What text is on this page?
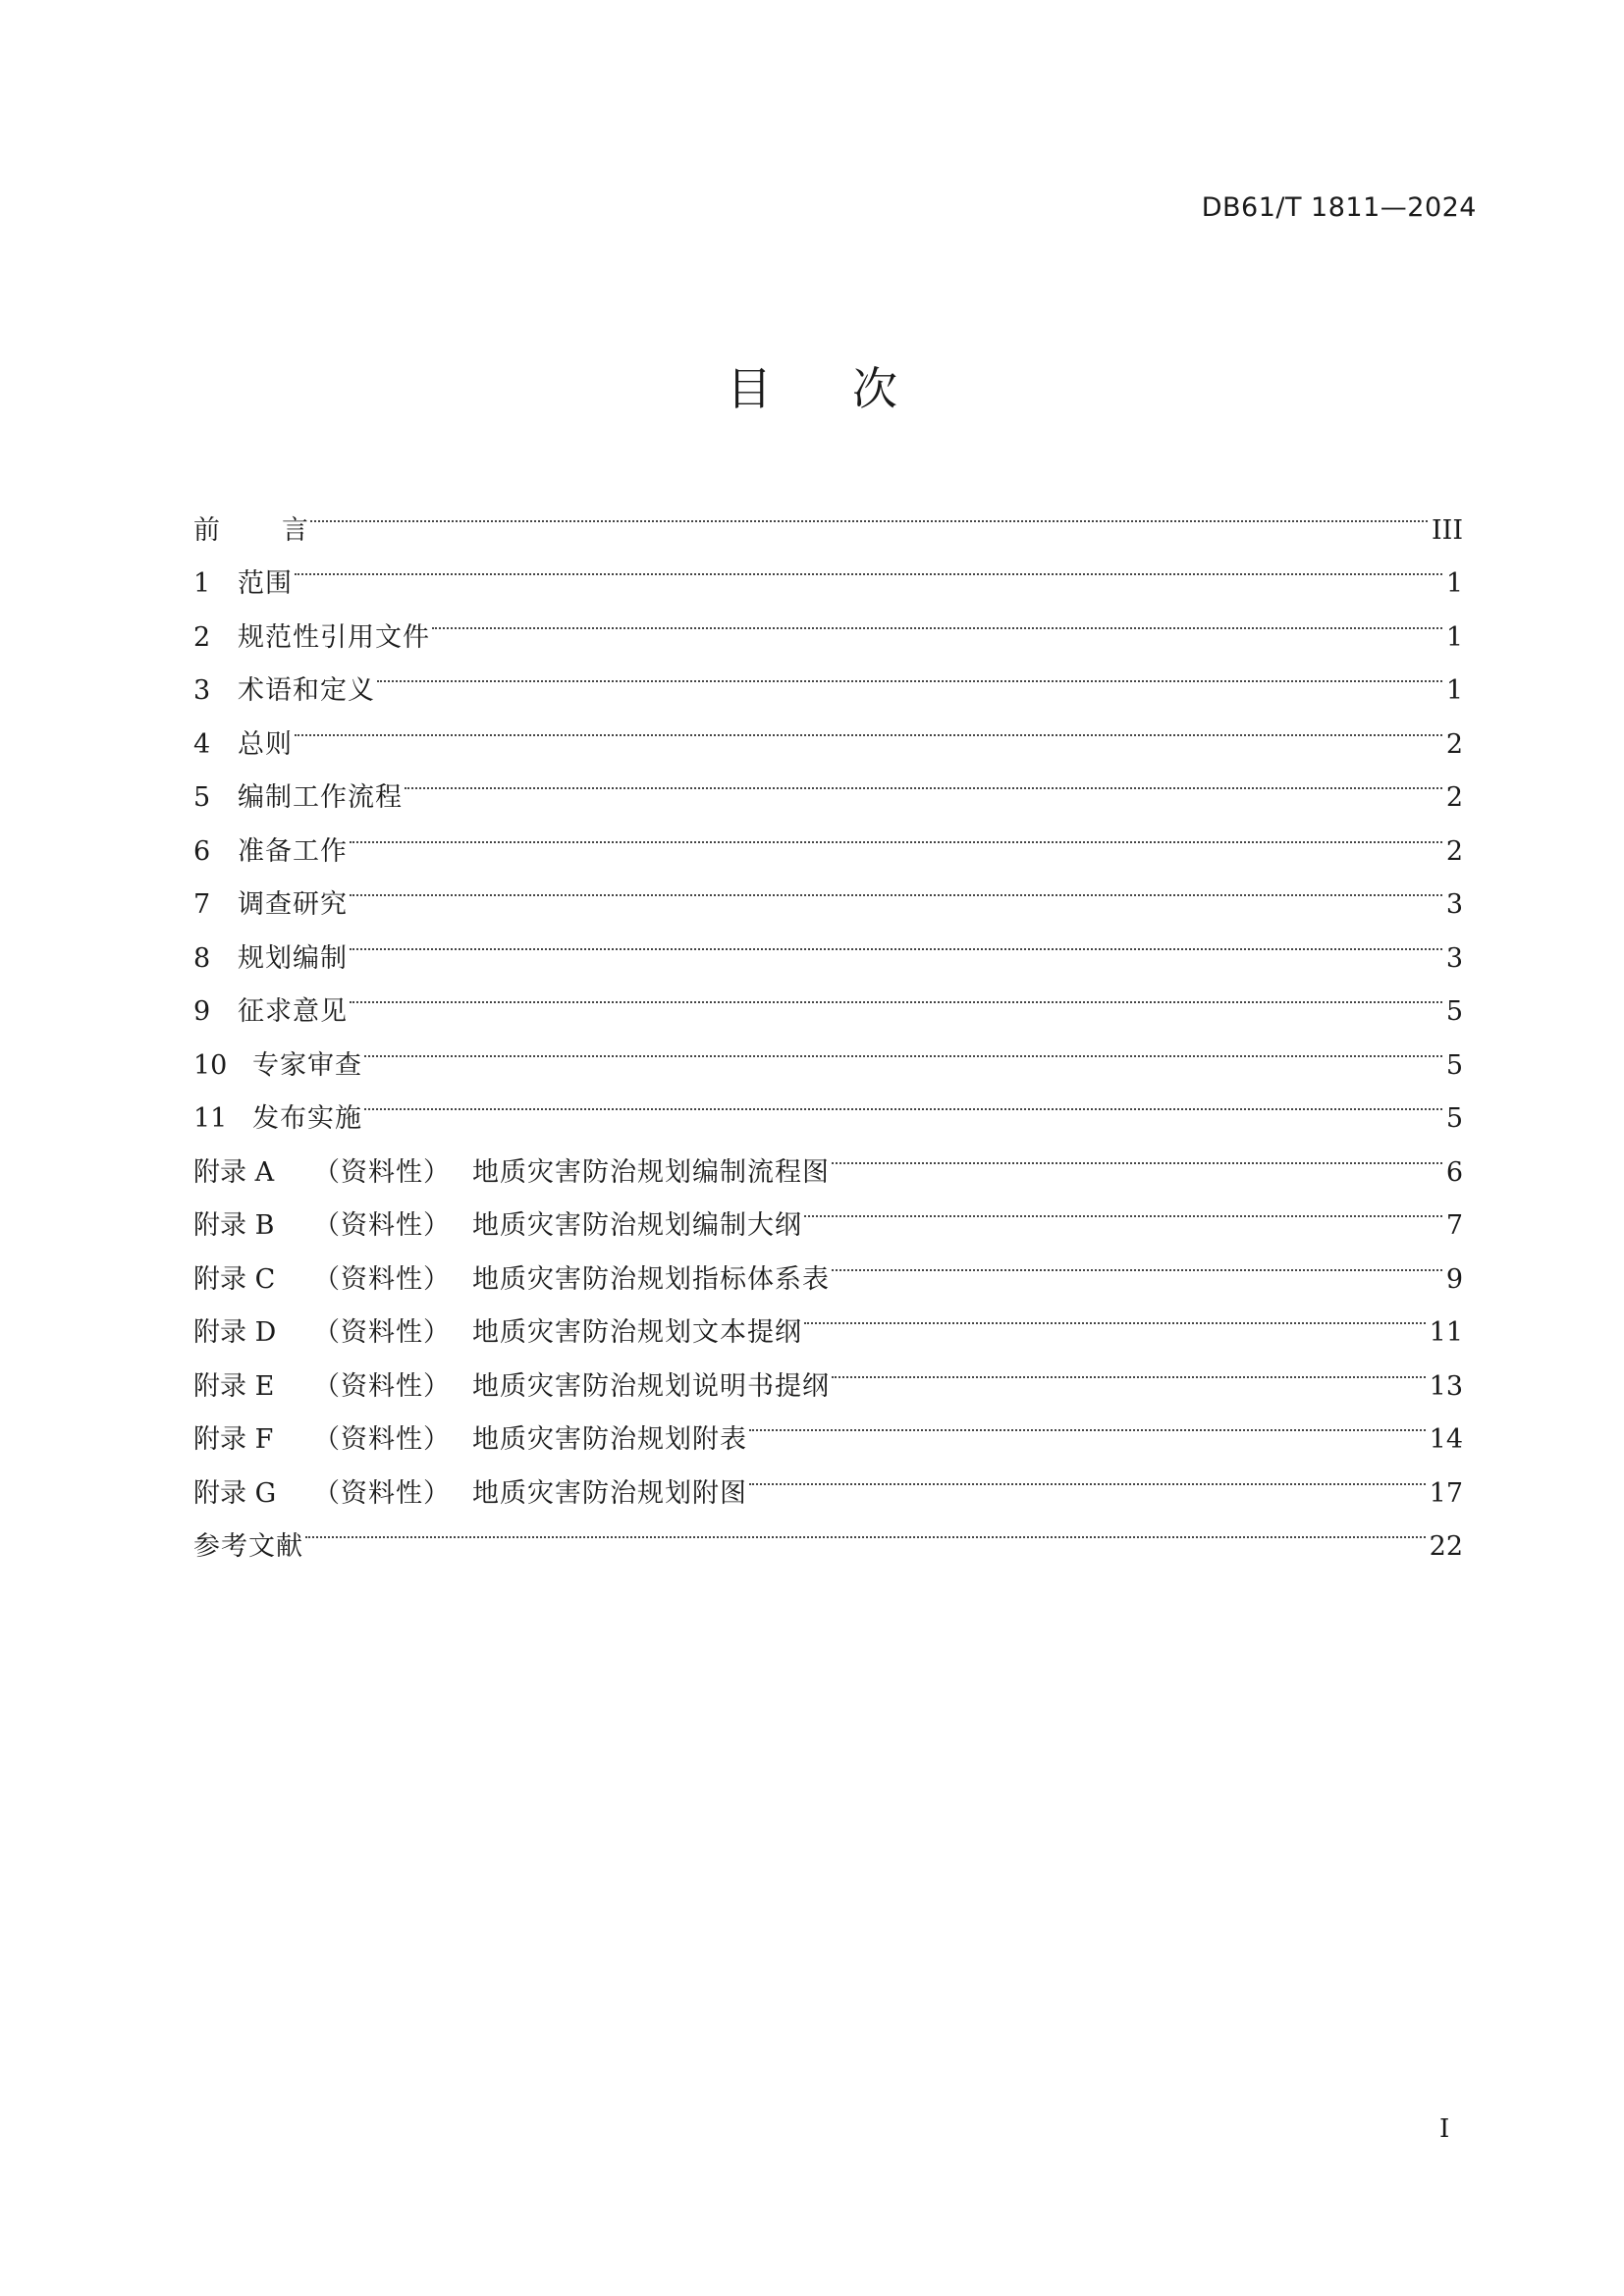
DB61/T 1811—2024
目 次
前	言	III
1	范围	1
2	规范性引用文件	1
3	术语和定义	1
4	总则	2
5	编制工作流程	2
6	准备工作	2
7	调查研究	3
8	规划编制	3
9	征求意见	5
10 专家审查	5
11 发布实施	5
附录 A	（资料性） 地质灾害防治规划编制流程图	6
附录 B	（资料性） 地质灾害防治规划编制大纲	7
附录 C	（资料性） 地质灾害防治规划指标体系表	9
附录 D	（资料性） 地质灾害防治规划文本提纲	11
附录 E	（资料性） 地质灾害防治规划说明书提纲	13
附录 F	（资料性） 地质灾害防治规划附表	14
附录 G	（资料性） 地质灾害防治规划附图	17
参考文献	22
I
